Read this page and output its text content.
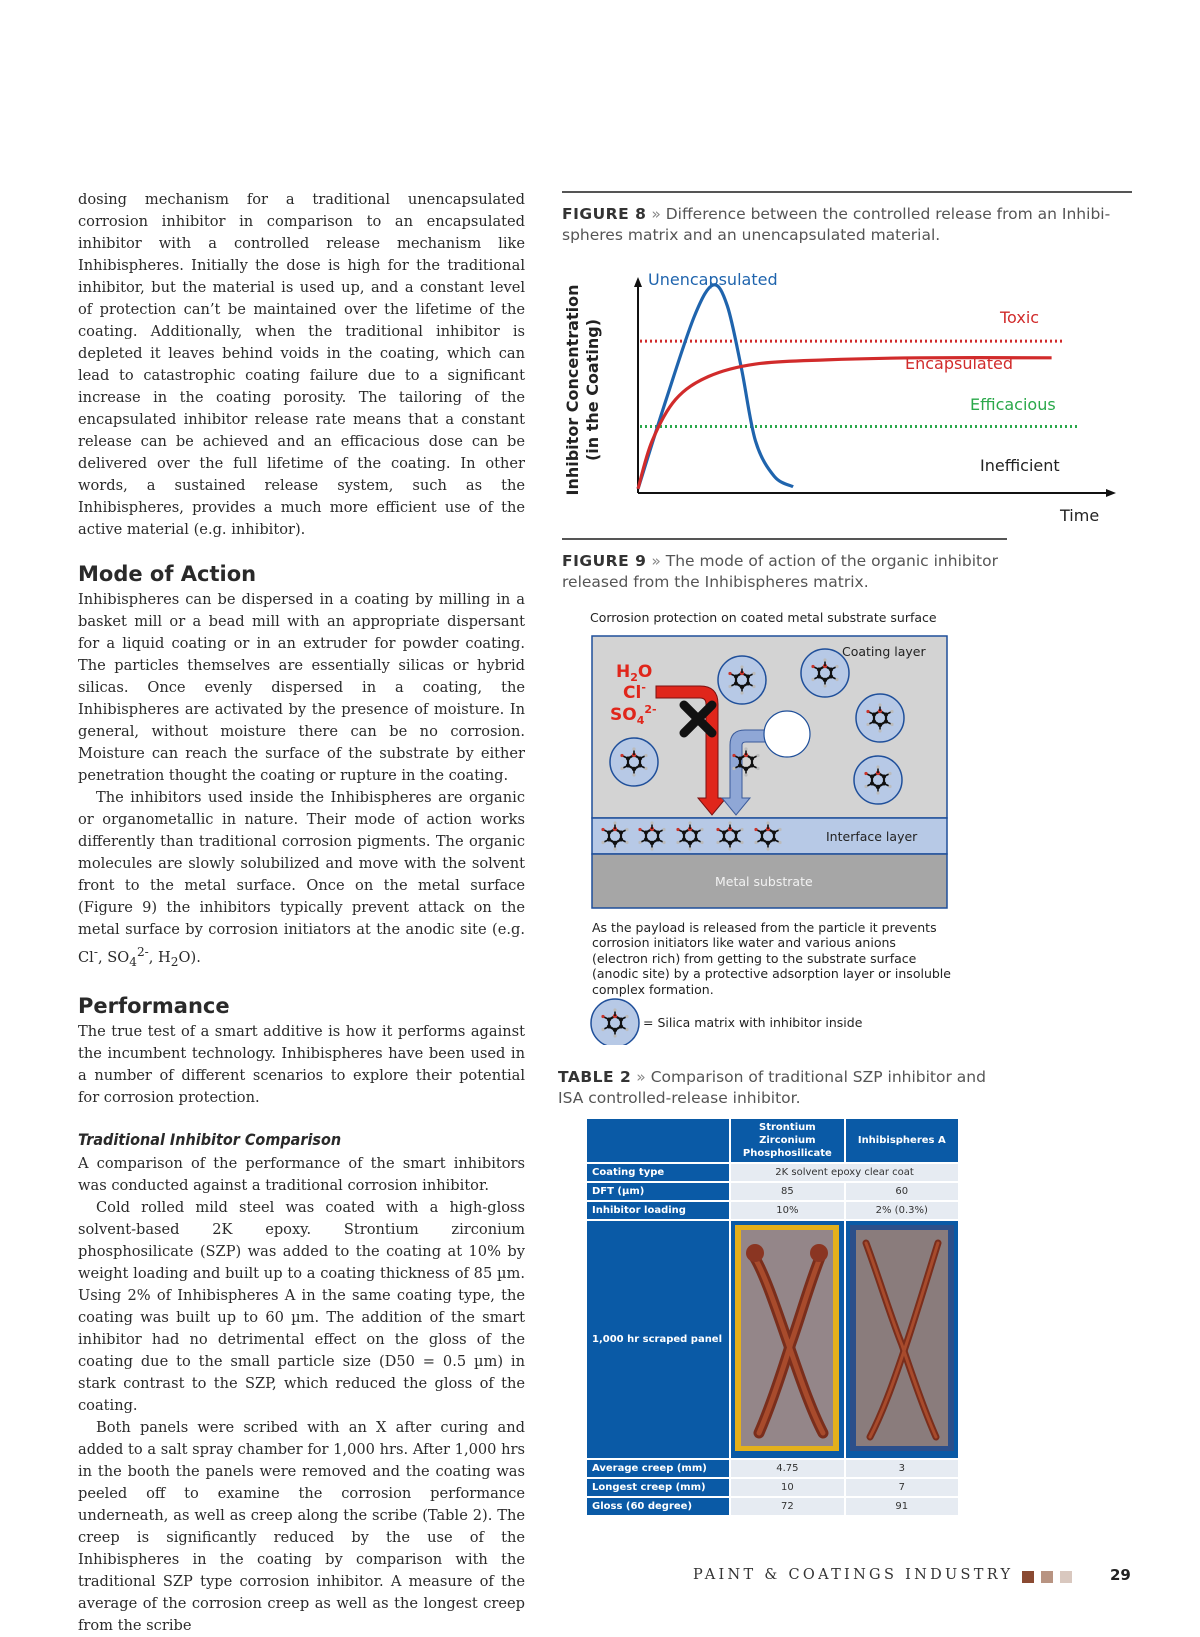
dosing mechanism for a traditional unencapsulated corrosion inhibitor in comparison to an encapsulated inhibitor with a controlled release mechanism like Inhibispheres. Initially the dose is high for the traditional inhibitor, but the material is used up, and a constant level of protection can’t be maintained over the lifetime of the coating. Additionally, when the traditional inhibitor is depleted it leaves behind voids in the coating, which can lead to catastrophic coating failure due to a significant increase in the coating porosity. The tailoring of the encapsulated inhibitor release rate means that a constant release can be achieved and an efficacious dose can be delivered over the full lifetime of the coating. In other words, a sustained release system, such as the Inhibispheres, provides a much more efficient use of the active material (e.g. inhibitor).

Mode of Action

Inhibispheres can be dispersed in a coating by milling in a basket mill or a bead mill with an appropriate dispersant for a liquid coating or in an extruder for powder coating. The particles themselves are essentially silicas or hybrid silicas. Once evenly dispersed in a coating, the Inhibispheres are activated by the presence of moisture. In general, without moisture there can be no corrosion. Moisture can reach the surface of the substrate by either penetration thought the coating or rupture in the coating.

The inhibitors used inside the Inhibispheres are organic or organometallic in nature. Their mode of action works differently than traditional corrosion pigments. The organic molecules are slowly solubilized and move with the solvent front to the metal surface. Once on the metal surface (Figure 9) the inhibitors typically prevent attack on the metal surface by corrosion initiators at the anodic site (e.g. Cl-, $SO_4^{2-}$, $H_2O$).

Performance

The true test of a smart additive is how it performs against the incumbent technology. Inhibispheres have been used in a number of different scenarios to explore their potential for corrosion protection.

Traditional Inhibitor Comparison

A comparison of the performance of the smart inhibitors was conducted against a traditional corrosion inhibitor.

Cold rolled mild steel was coated with a high-gloss solvent-based 2K epoxy. Strontium zirconium phosphosilicate (SZP) was added to the coating at 10% by weight loading and built up to a coating thickness of 85 µm. Using 2% of Inhibispheres A in the same coating type, the coating was built up to 60 µm. The addition of the smart inhibitor had no detrimental effect on the gloss of the coating due to the small particle size (D50 = 0.5 µm) in stark contrast to the SZP, which reduced the gloss of the coating.

Both panels were scribed with an X after curing and added to a salt spray chamber for 1,000 hrs. After 1,000 hrs in the booth the panels were removed and the coating was peeled off to examine the corrosion performance underneath, as well as creep along the scribe (Table 2). The creep is significantly reduced by the use of the Inhibispheres in the coating by comparison with the traditional SZP type corrosion inhibitor. A measure of the average of the corrosion creep as well as the longest creep from the scribe

FIGURE 8 » Difference between the controlled release from an Inhibi-
spheres matrix and an unencapsulated material.
Inhibitor Concentration (in the Coating)
Time
Unencapsulated
Toxic
Encapsulated
Efficacious
Inefficient
FIGURE 9 » The mode of action of the organic inhibitor
released from the Inhibispheres matrix.
Corrosion protection on coated metal substrate surface
Coating layer
Interface layer
Metal substrate
$H_2O$
Cl-
$SO_4^{2-}$
As the payload is released from the particle it prevents
corrosion initiators like water and various anions
(electron rich) from getting to the substrate surface
(anodic site) by a protective adsorption layer or insoluble
complex formation.
= Silica matrix with inhibitor inside
TABLE 2 » Comparison of traditional SZP inhibitor and
ISA controlled-release inhibitor.
	Strontium
Zirconium
Phosphosilicate	Inhibispheres A
Coating type	2K solvent epoxy clear coat	
DFT (µm)	85	60
Inhibitor loading	10%	2% (0.3%)
1,000 hr scraped panel		
Average creep (mm)	4.75	3
Longest creep (mm)	10	7
Gloss (60 degree)	72	91
PAINT & COATINGS INDUSTRY	29
